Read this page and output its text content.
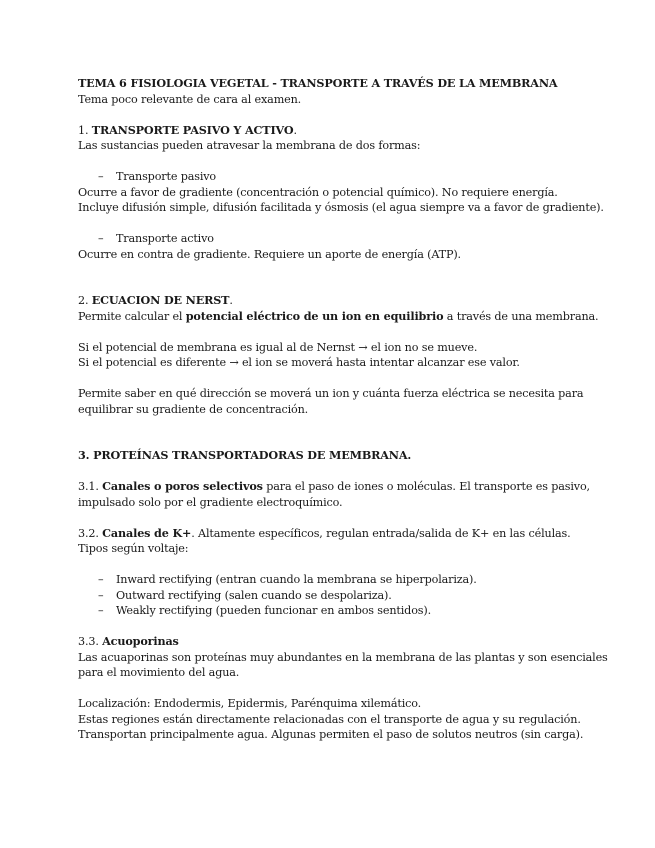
TEMA 6 FISIOLOGIA VEGETAL - TRANSPORTE A TRAVÉS DE LA MEMBRANA
Tema poco relevante de cara al examen.
1. TRANSPORTE PASIVO Y ACTIVO.
Las sustancias pueden atravesar la membrana de dos formas:
– Transporte pasivo
Ocurre a favor de gradiente (concentración o potencial químico). No requiere energía.
Incluye difusión simple, difusión facilitada y ósmosis (el agua siempre va a favor de gradiente).
– Transporte activo
Ocurre en contra de gradiente. Requiere un aporte de energía (ATP).
2. ECUACION DE NERST.
Permite calcular el potencial eléctrico de un ion en equilibrio a través de una membrana.
Si el potencial de membrana es igual al de Nernst → el ion no se mueve.
Si el potencial es diferente → el ion se moverá hasta intentar alcanzar ese valor.
Permite saber en qué dirección se moverá un ion y cuánta fuerza eléctrica se necesita para
equilibrar su gradiente de concentración.
3. PROTEÍNAS TRANSPORTADORAS DE MEMBRANA.
3.1. Canales o poros selectivos para el paso de iones o moléculas. El transporte es pasivo,
impulsado solo por el gradiente electroquímico.
3.2. Canales de K+. Altamente específicos, regulan entrada/salida de K+ en las células.
Tipos según voltaje:
– Inward rectifying (entran cuando la membrana se hiperpolariza).
– Outward rectifying (salen cuando se despolariza).
– Weakly rectifying (pueden funcionar en ambos sentidos).
3.3. Acuoporinas
Las acuaporinas son proteínas muy abundantes en la membrana de las plantas y son esenciales
para el movimiento del agua.
Localización: Endodermis, Epidermis, Parénquima xilemático.
Estas regiones están directamente relacionadas con el transporte de agua y su regulación.
Transportan principalmente agua. Algunas permiten el paso de solutos neutros (sin carga).
